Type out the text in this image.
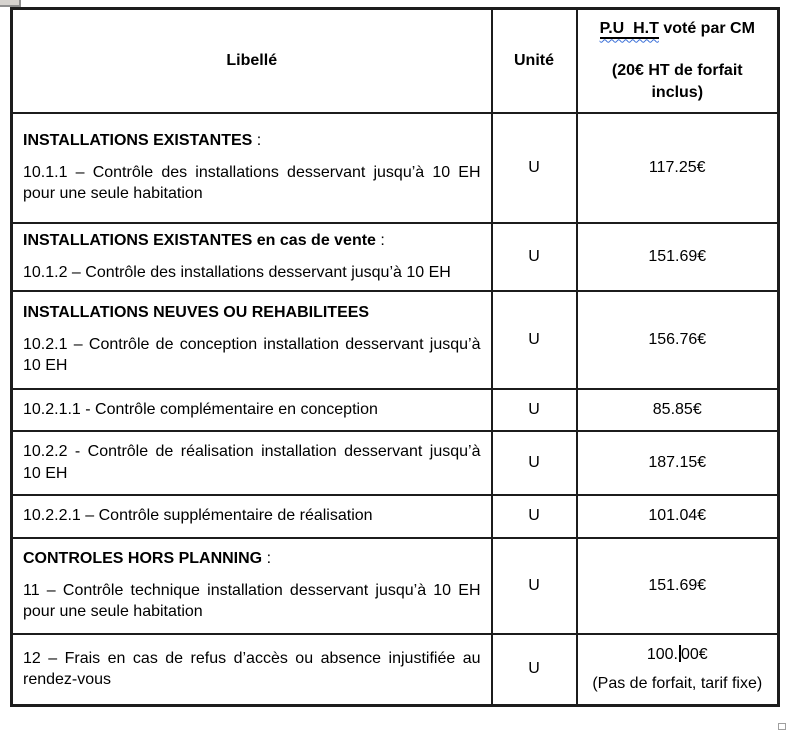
Libellé	Unité	P.U  H.T voté par CM

(20€ HT de forfait inclus)

INSTALLATIONS EXISTANTES :

10.1.1 – Contrôle des installations desservant jusqu’à 10 EH pour une seule habitation	U	117.25€

INSTALLATIONS EXISTANTES en cas de vente :

10.1.2 – Contrôle des installations desservant jusqu’à 10 EH	U	151.69€

INSTALLATIONS NEUVES OU REHABILITEES

10.2.1 – Contrôle de conception installation desservant jusqu’à 10 EH	U	156.76€

10.2.1.1 - Contrôle complémentaire en conception	U	85.85€

10.2.2 - Contrôle de réalisation installation desservant jusqu’à 10 EH	U	187.15€

10.2.2.1 – Contrôle supplémentaire de réalisation	U	101.04€

CONTROLES HORS PLANNING :

11 – Contrôle technique installation desservant jusqu’à 10 EH pour une seule habitation	U	151.69€

12 – Frais en cas de refus d’accès ou absence injustifiée au rendez-vous	U	100. 00€
(Pas de forfait, tarif fixe)
